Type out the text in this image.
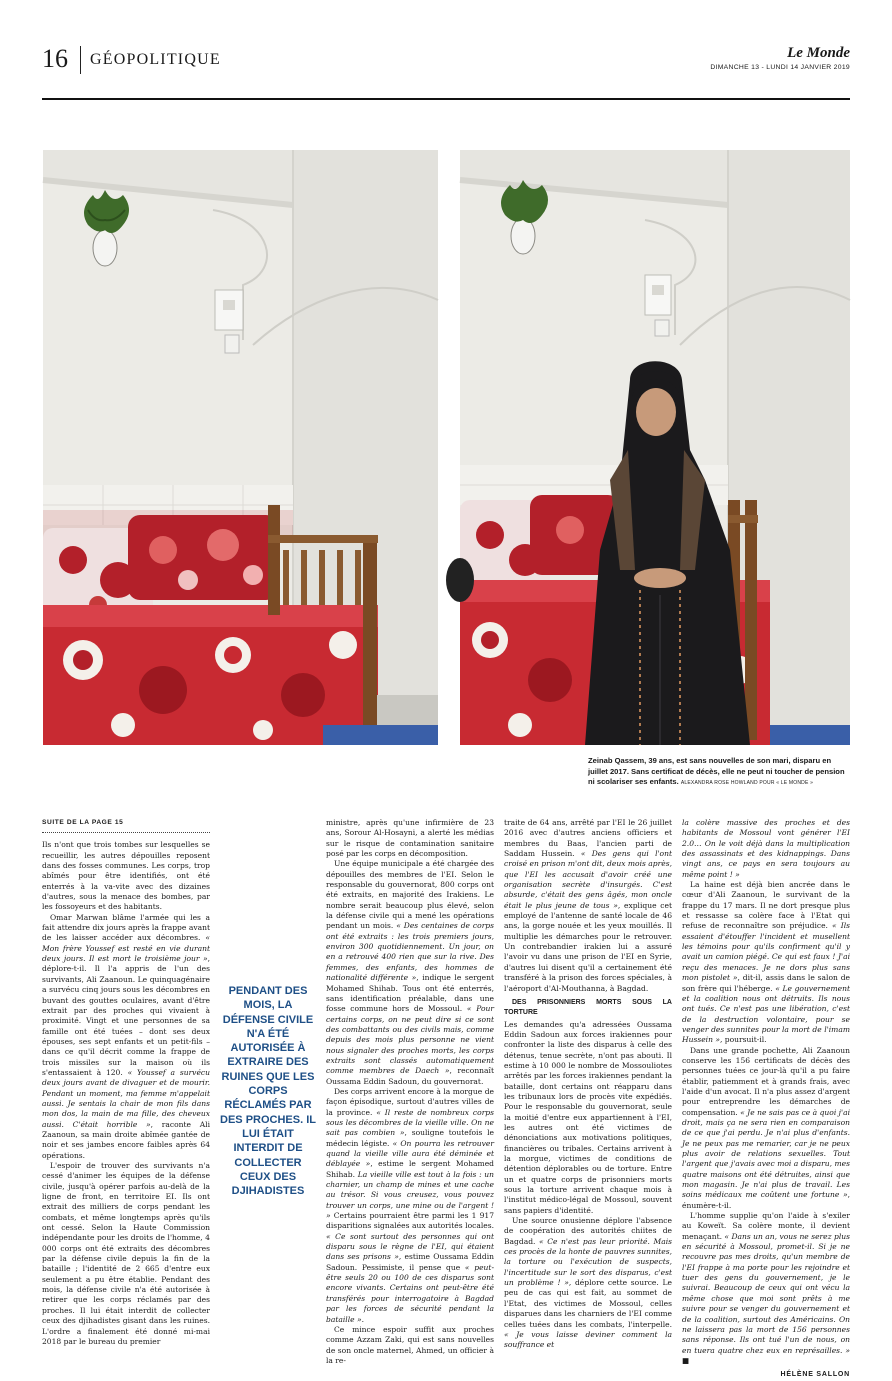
16 GÉOPOLITIQUE	Le Monde
DIMANCHE 13 - LUNDI 14 JANVIER 2019
Zeinab Qassem, 39 ans, est sans nouvelles de son mari, disparu en juillet 2017. Sans certificat de décès, elle ne peut ni toucher de pension ni scolariser ses enfants. ALEXANDRA ROSE HOWLAND POUR « LE MONDE »
SUITE DE LA PAGE 15

Ils n'ont que trois tombes sur lesquelles se recueillir, les autres dépouilles reposent dans des fosses communes. Les corps, trop abîmés pour être identifiés, ont été enterrés à la va-vite avec des dizaines d'autres, sous la menace des bombes, par les fossoyeurs et des habitants.

Omar Marwan blâme l'armée qui les a fait attendre dix jours après la frappe avant de les laisser accéder aux décombres. « Mon frère Youssef est resté en vie durant deux jours. Il est mort le troisième jour », déplore-t-il. Il l'a appris de l'un des survivants, Ali Zaanoun. Le quinquagénaire a survécu cinq jours sous les décombres en buvant des gouttes oculaires, avant d'être extrait par des proches qui vivaient à proximité. Vingt et une personnes de sa famille ont été tuées – dont ses deux épouses, ses sept enfants et un petit-fils – dans ce qu'il décrit comme la frappe de trois missiles sur la maison où ils s'entassaient à 120. « Youssef a survécu deux jours avant de divaguer et de mourir. Pendant un moment, ma femme m'appelait aussi. Je sentais la chair de mon fils dans mon dos, la main de ma fille, des cheveux aussi. C'était horrible », raconte Ali Zaanoun, sa main droite abîmée gantée de noir et ses jambes encore faibles après 64 opérations.

L'espoir de trouver des survivants n'a cessé d'animer les équipes de la défense civile, jusqu'à opérer parfois au-delà de la ligne de front, en territoire EI. Ils ont extrait des milliers de corps pendant les combats, et même longtemps après qu'ils ont cessé. Selon la Haute Commission indépendante pour les droits de l'homme, 4 000 corps ont été extraits des décombres par la défense civile depuis la fin de la bataille ; l'identité de 2 665 d'entre eux seulement a pu être établie. Pendant des mois, la défense civile n'a été autorisée à retirer que les corps réclamés par des proches. Il lui était interdit de collecter ceux des djihadistes gisant dans les ruines. L'ordre a finalement été donné mi-mai 2018 par le bureau du premier

PENDANT DES MOIS, LA DÉFENSE CIVILE N'A ÉTÉ AUTORISÉE À EXTRAIRE DES RUINES QUE LES CORPS RÉCLAMÉS PAR DES PROCHES. IL LUI ÉTAIT INTERDIT DE COLLECTER CEUX DES DJIHADISTES

ministre, après qu'une infirmière de 23 ans, Sorour Al-Hosayni, a alerté les médias sur le risque de contamination sanitaire posé par les corps en décomposition.

Une équipe municipale a été chargée des dépouilles des membres de l'EI. Selon le responsable du gouvernorat, 800 corps ont été extraits, en majorité des Irakiens. Le nombre serait beaucoup plus élevé, selon la défense civile qui a mené les opérations pendant un mois. « Des centaines de corps ont été extraits : les trois premiers jours, environ 300 quotidiennement. Un jour, on en a retrouvé 400 rien que sur la rive. Des femmes, des enfants, des hommes de nationalité différente », indique le sergent Mohamed Shihab. Tous ont été enterrés, sans identification préalable, dans une fosse commune hors de Mossoul. « Pour certains corps, on ne peut dire si ce sont des combattants ou des civils mais, comme depuis des mois plus personne ne vient nous signaler des proches morts, les corps extraits sont classés automatiquement comme membres de Daech », reconnaît Oussama Eddin Sadoun, du gouvernorat.

Des corps arrivent encore à la morgue de façon épisodique, surtout d'autres villes de la province. « Il reste de nombreux corps sous les décombres de la vieille ville. On ne sait pas combien », souligne toutefois le médecin légiste. « On pourra les retrouver quand la vieille ville aura été déminée et déblayée », estime le sergent Mohamed Shihab. La vieille ville est tout à la fois : un charnier, un champ de mines et une cache au trésor. Si vous creusez, vous pouvez trouver un corps, une mine ou de l'argent ! » Certains pourraient être parmi les 1 917 disparitions signalées aux autorités locales. « Ce sont surtout des personnes qui ont disparu sous le règne de l'EI, qui étaient dans ses prisons », estime Oussama Eddin Sadoun. Pessimiste, il pense que « peut-être seuls 20 ou 100 de ces disparus sont encore vivants. Certains ont peut-être été transférés pour interrogatoire à Bagdad par les forces de sécurité pendant la bataille ».

Ce mince espoir suffit aux proches comme Azzam Zaki, qui est sans nouvelles de son oncle maternel, Ahmed, un officier à la re-

traite de 64 ans, arrêté par l'EI le 26 juillet 2016 avec d'autres anciens officiers et membres du Baas, l'ancien parti de Saddam Hussein. « Des gens qui l'ont croisé en prison m'ont dit, deux mois après, que l'EI les accusait d'avoir créé une organisation secrète d'insurgés. C'est absurde, c'était des gens âgés, mon oncle était le plus jeune de tous », explique cet employé de l'antenne de santé locale de 46 ans, la gorge nouée et les yeux mouillés. Il multiplie les démarches pour le retrouver. Un contrebandier irakien lui a assuré l'avoir vu dans une prison de l'EI en Syrie, d'autres lui disent qu'il a certainement été transféré à la prison des forces spéciales, à l'aéroport d'Al-Mouthanna, à Bagdad.

DES PRISONNIERS MORTS SOUS LA TORTURE

Les demandes qu'a adressées Oussama Eddin Sadoun aux forces irakiennes pour confronter la liste des disparus à celle des détenus, tenue secrète, n'ont pas abouti. Il estime à 10 000 le nombre de Mossouliotes arrêtés par les forces irakiennes pendant la bataille, dont certains ont réapparu dans les tribunaux lors de procès vite expédiés. Pour le responsable du gouvernorat, seule la moitié d'entre eux appartiennent à l'EI, les autres ont été victimes de dénonciations aux motivations politiques, financières ou tribales. Certains arrivent à la morgue, victimes de conditions de détention déplorables ou de torture. Entre un et quatre corps de prisonniers morts sous la torture arrivent chaque mois à l'institut médico-légal de Mossoul, souvent sans papiers d'identité.

Une source onusienne déplore l'absence de coopération des autorités chiites de Bagdad. « Ce n'est pas leur priorité. Mais ces procès de la honte de pauvres sunnites, la torture ou l'exécution de suspects, l'incertitude sur le sort des disparus, c'est un problème ! », déplore cette source. Le peu de cas qui est fait, au sommet de l'Etat, des victimes de Mossoul, celles disparues dans les charniers de l'EI comme celles tuées dans les combats, l'interpelle. « Je vous laisse deviner comment la souffrance et

la colère massive des proches et des habitants de Mossoul vont générer l'EI 2.0… On le voit déjà dans la multiplication des assassinats et des kidnappings. Dans vingt ans, ce pays en sera toujours au même point ! »

La haine est déjà bien ancrée dans le cœur d'Ali Zaanoun, le survivant de la frappe du 17 mars. Il ne dort presque plus et ressasse sa colère face à l'Etat qui refuse de reconnaître son préjudice. « Ils essaient d'étouffer l'incident et musellent les témoins pour qu'ils confirment qu'il y avait un camion piégé. Ce qui est faux ! J'ai reçu des menaces. Je ne dors plus sans mon pistolet », dit-il, assis dans le salon de son frère qui l'héberge. « Le gouvernement et la coalition nous ont détruits. Ils nous ont tués. Ce n'est pas une libération, c'est de la destruction volontaire, pour se venger des sunnites pour la mort de l'imam Hussein », poursuit-il.

Dans une grande pochette, Ali Zaanoun conserve les 156 certificats de décès des personnes tuées ce jour-là qu'il a pu faire établir, patiemment et à grands frais, avec l'aide d'un avocat. Il n'a plus assez d'argent pour entreprendre les démarches de compensation. « Je ne sais pas ce à quoi j'ai droit, mais ça ne sera rien en comparaison de ce que j'ai perdu. Je n'ai plus d'enfants. Je ne peux pas me remarier, car je ne peux plus avoir de relations sexuelles. Tout l'argent que j'avais avec moi a disparu, mes quatre maisons ont été détruites, ainsi que mon magasin. Je n'ai plus de travail. Les soins médicaux me coûtent une fortune », énumère-t-il.

L'homme supplie qu'on l'aide à s'exiler au Koweït. Sa colère monte, il devient menaçant. « Dans un an, vous ne serez plus en sécurité à Mossoul, promet-il. Si je ne recouvre pas mes droits, qu'un membre de l'EI frappe à ma porte pour les rejoindre et tuer des gens du gouvernement, je le suivrai. Beaucoup de ceux qui ont vécu la même chose que moi sont prêts à me suivre pour se venger du gouvernement et de la coalition, surtout des Américains. On ne laissera pas la mort de 156 personnes sans réponse. Ils ont tué l'un de nous, on en tuera quatre chez eux en représailles. » ■

HÉLÈNE SALLON
